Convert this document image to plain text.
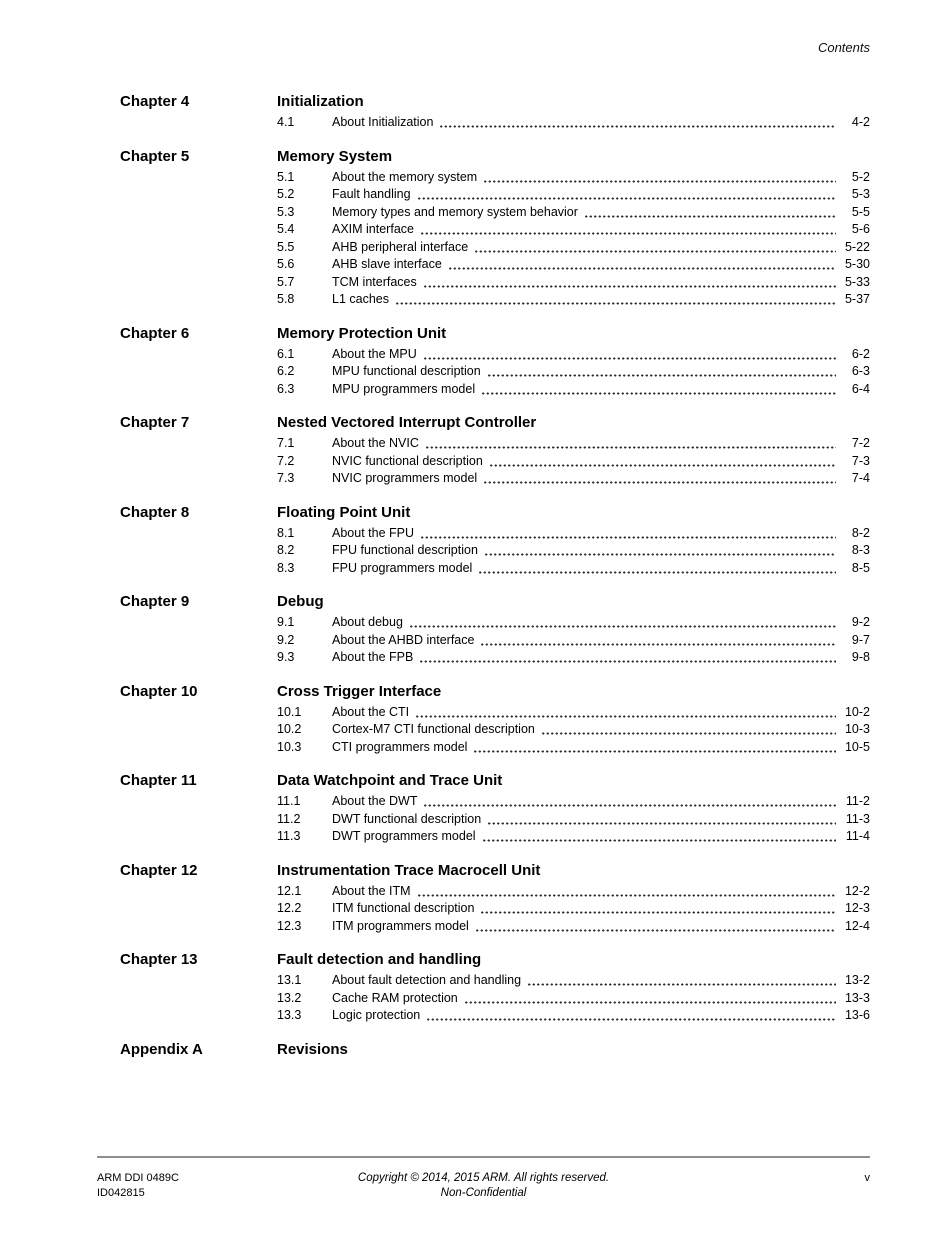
Contents
Chapter 4	Initialization
4.1	About Initialization	4-2
Chapter 5	Memory System
5.1	About the memory system	5-2
5.2	Fault handling	5-3
5.3	Memory types and memory system behavior	5-5
5.4	AXIM interface	5-6
5.5	AHB peripheral interface	5-22
5.6	AHB slave interface	5-30
5.7	TCM interfaces	5-33
5.8	L1 caches	5-37
Chapter 6	Memory Protection Unit
6.1	About the MPU	6-2
6.2	MPU functional description	6-3
6.3	MPU programmers model	6-4
Chapter 7	Nested Vectored Interrupt Controller
7.1	About the NVIC	7-2
7.2	NVIC functional description	7-3
7.3	NVIC programmers model	7-4
Chapter 8	Floating Point Unit
8.1	About the FPU	8-2
8.2	FPU functional description	8-3
8.3	FPU programmers model	8-5
Chapter 9	Debug
9.1	About debug	9-2
9.2	About the AHBD interface	9-7
9.3	About the FPB	9-8
Chapter 10	Cross Trigger Interface
10.1	About the CTI	10-2
10.2	Cortex-M7 CTI functional description	10-3
10.3	CTI programmers model	10-5
Chapter 11	Data Watchpoint and Trace Unit
11.1	About the DWT	11-2
11.2	DWT functional description	11-3
11.3	DWT programmers model	11-4
Chapter 12	Instrumentation Trace Macrocell Unit
12.1	About the ITM	12-2
12.2	ITM functional description	12-3
12.3	ITM programmers model	12-4
Chapter 13	Fault detection and handling
13.1	About fault detection and handling	13-2
13.2	Cache RAM protection	13-3
13.3	Logic protection	13-6
Appendix A	Revisions
ARM DDI 0489C
ID042815
Copyright © 2014, 2015 ARM. All rights reserved.
Non-Confidential
v
